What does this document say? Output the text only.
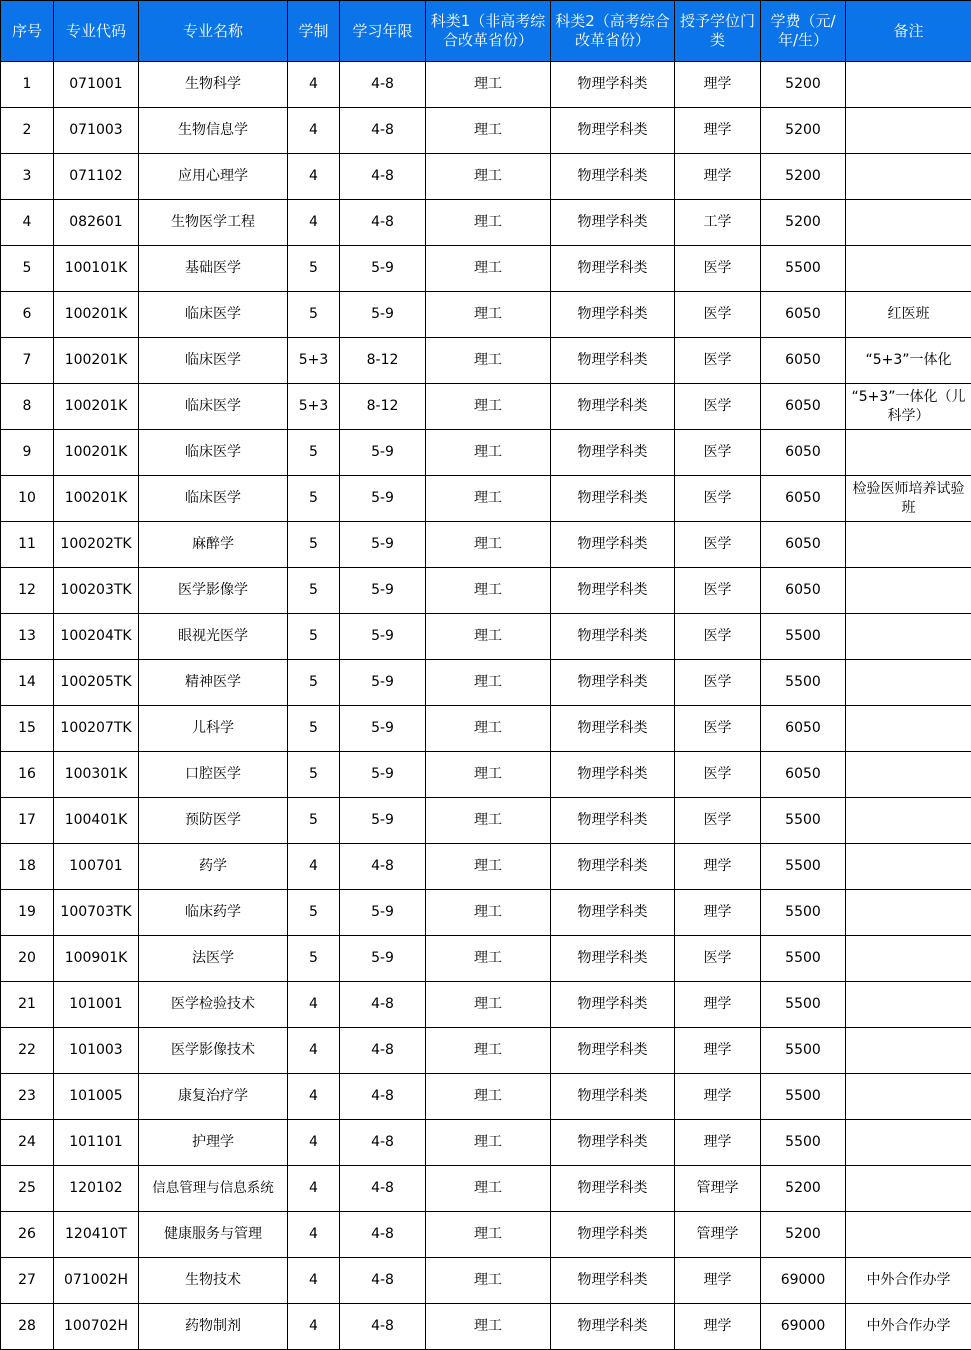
序号	专业代码	专业名称	学制	学习年限	科类1（非高考综合改革省份）	科类2（高考综合改革省份）	授予学位门类	学费（元/年/生）	备注
1	071001	生物科学	4	4-8	理工	物理学科类	理学	5200	
2	071003	生物信息学	4	4-8	理工	物理学科类	理学	5200	
3	071102	应用心理学	4	4-8	理工	物理学科类	理学	5200	
4	082601	生物医学工程	4	4-8	理工	物理学科类	工学	5200	
5	100101K	基础医学	5	5-9	理工	物理学科类	医学	5500	
6	100201K	临床医学	5	5-9	理工	物理学科类	医学	6050	红医班
7	100201K	临床医学	5+3	8-12	理工	物理学科类	医学	6050	“5+3”一体化
8	100201K	临床医学	5+3	8-12	理工	物理学科类	医学	6050	“5+3”一体化（儿科学）
9	100201K	临床医学	5	5-9	理工	物理学科类	医学	6050	
10	100201K	临床医学	5	5-9	理工	物理学科类	医学	6050	检验医师培养试验班
11	100202TK	麻醉学	5	5-9	理工	物理学科类	医学	6050	
12	100203TK	医学影像学	5	5-9	理工	物理学科类	医学	6050	
13	100204TK	眼视光医学	5	5-9	理工	物理学科类	医学	5500	
14	100205TK	精神医学	5	5-9	理工	物理学科类	医学	5500	
15	100207TK	儿科学	5	5-9	理工	物理学科类	医学	6050	
16	100301K	口腔医学	5	5-9	理工	物理学科类	医学	6050	
17	100401K	预防医学	5	5-9	理工	物理学科类	医学	5500	
18	100701	药学	4	4-8	理工	物理学科类	理学	5500	
19	100703TK	临床药学	5	5-9	理工	物理学科类	理学	5500	
20	100901K	法医学	5	5-9	理工	物理学科类	医学	5500	
21	101001	医学检验技术	4	4-8	理工	物理学科类	理学	5500	
22	101003	医学影像技术	4	4-8	理工	物理学科类	理学	5500	
23	101005	康复治疗学	4	4-8	理工	物理学科类	理学	5500	
24	101101	护理学	4	4-8	理工	物理学科类	理学	5500	
25	120102	信息管理与信息系统	4	4-8	理工	物理学科类	管理学	5200	
26	120410T	健康服务与管理	4	4-8	理工	物理学科类	管理学	5200	
27	071002H	生物技术	4	4-8	理工	物理学科类	理学	69000	中外合作办学
28	100702H	药物制剂	4	4-8	理工	物理学科类	理学	69000	中外合作办学
